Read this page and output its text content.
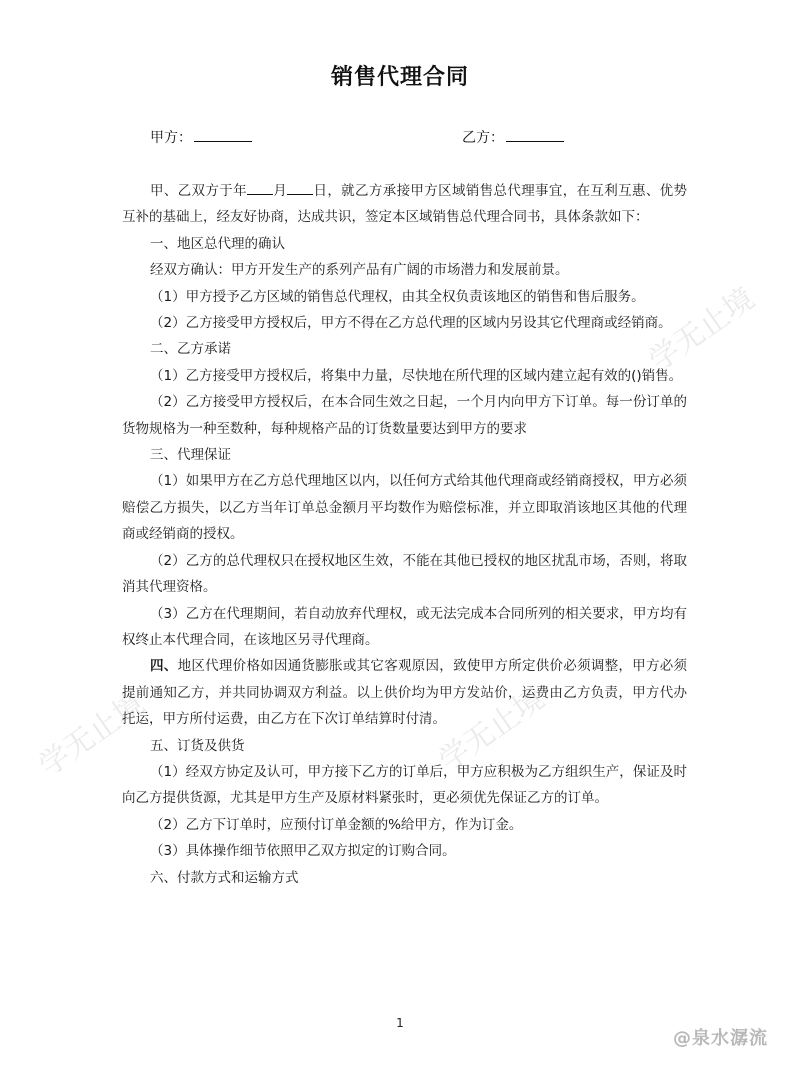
学无止境
学无止境	学无止境
销售代理合同
甲方：	乙方：

甲、乙双方于年 月 日，就乙方承接甲方区域销售总代理事宜，在互利互惠、优势互补的基础上，经友好协商，达成共识，签定本区域销售总代理合同书，具体条款如下：

一、地区总代理的确认

经双方确认：甲方开发生产的系列产品有广阔的市场潜力和发展前景。

（1）甲方授予乙方区域的销售总代理权，由其全权负责该地区的销售和售后服务。

（2）乙方接受甲方授权后，甲方不得在乙方总代理的区域内另设其它代理商或经销商。

二、乙方承诺

（1）乙方接受甲方授权后，将集中力量，尽快地在所代理的区域内建立起有效的()销售。

（2）乙方接受甲方授权后，在本合同生效之日起，一个月内向甲方下订单。每一份订单的货物规格为一种至数种，每种规格产品的订货数量要达到甲方的要求

三、代理保证

（1）如果甲方在乙方总代理地区以内，以任何方式给其他代理商或经销商授权，甲方必须赔偿乙方损失，以乙方当年订单总金额月平均数作为赔偿标准，并立即取消该地区其他的代理商或经销商的授权。

（2）乙方的总代理权只在授权地区生效，不能在其他已授权的地区扰乱市场，否则，将取消其代理资格。

（3）乙方在代理期间，若自动放弃代理权，或无法完成本合同所列的相关要求，甲方均有权终止本代理合同，在该地区另寻代理商。

四、地区代理价格如因通货膨胀或其它客观原因，致使甲方所定供价必须调整，甲方必须提前通知乙方，并共同协调双方利益。以上供价均为甲方发站价，运费由乙方负责，甲方代办托运，甲方所付运费，由乙方在下次订单结算时付清。

五、订货及供货

（1）经双方协定及认可，甲方接下乙方的订单后，甲方应积极为乙方组织生产，保证及时向乙方提供货源，尤其是甲方生产及原材料紧张时，更必须优先保证乙方的订单。

（2）乙方下订单时，应预付订单金额的%给甲方，作为订金。

（3）具体操作细节依照甲乙双方拟定的订购合同。

六、付款方式和运输方式

1
@泉水潺流
